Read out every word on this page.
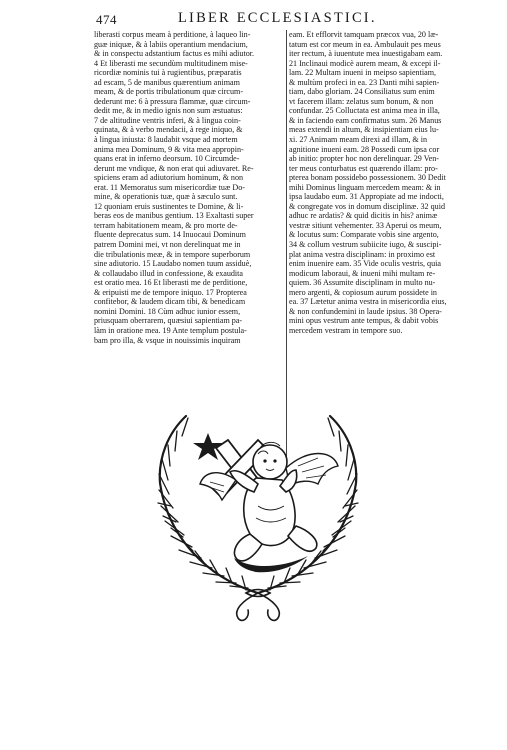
474	LIBER ECCLESIASTICI.
liberasti corpus meam à perditione, à laqueo lin-
guæ iniquæ, & à labiis operantium mendacium,
& in conspectu adstantium factus es mihi adiutor.
4 Et liberasti me secundùm multitudinem mise-
ricordiæ nominis tui à rugientibus, præparatis
ad escam, 5 de manibus quærentium animam
meam, & de portis tribulationum quæ circum-
dederunt me: 6 à pressura flammæ, quæ circum-
dedit me, & in medio ignis non sum æstuatus:
7 de altitudine ventris inferi, & à lingua coin-
quinata, & à verbo mendacii, à rege iniquo, &
à lingua iniusta: 8 laudabit vsque ad mortem
anima mea Dominum, 9 & vita mea appropin-
quans erat in inferno deorsum. 10 Circumde-
derunt me vndique, & non erat qui adiuvaret. Re-
spiciens eram ad adiutorium hominum, & non
erat. 11 Memoratus sum misericordiæ tuæ Do-
mine, & operationis tuæ, quæ à sæculo sunt.
12 quoniam eruis sustinentes te Domine, & li-
beras eos de manibus gentium. 13 Exaltasti super
terram habitationem meam, & pro morte de-
fluente deprecatus sum. 14 Inuocaui Dominum
patrem Domini mei, vt non derelinquat me in
die tribulationis meæ, & in tempore superborum
sine adiutorio. 15 Laudabo nomen tuum assiduè,
& collaudabo illud in confessione, & exaudita
est oratio mea. 16 Et liberasti me de perditione,
& eripuisti me de tempore iniquo. 17 Propterea
confitebor, & laudem dicam tibi, & benedicam
nomini Domini. 18 Cùm adhuc iunior essem,
priusquam oberrarem, quæsiui sapientiam pa-
làm in oratione mea. 19 Ante templum postula-
bam pro illa, & vsque in nouissimis inquiram
eam. Et efflorvit tamquam præcox vua, 20 læ-
tatum est cor meum in ea. Ambulauit pes meus
iter rectum, à iuuentute mea inuestigabam eam.
21 Inclinaui modicè aurem meam, & excepi il-
lam. 22 Multam inueni in meipso sapientiam,
& multùm profeci in ea. 23 Danti mihi sapien-
tiam, dabo gloriam. 24 Consiliatus sum enim
vt facerem illam: zelatus sum bonum, & non
confundar. 25 Colluctata est anima mea in illa,
& in faciendo eam confirmatus sum. 26 Manus
meas extendi in altum, & insipientiam eius lu-
xi. 27 Animam meam direxi ad illam, & in
agnitione inueni eam. 28 Possedi cum ipsa cor
ab initio: propter hoc non derelinquar. 29 Ven-
ter meus conturbatus est quærendo illam: pro-
pterea bonam possidebo possessionem. 30 Dedit
mihi Dominus linguam mercedem meam: & in
ipsa laudabo eum. 31 Appropiate ad me indocti,
& congregate vos in domum disciplinæ. 32 quid
adhuc re ardatis? & quid dicitis in his? animæ
vestræ sitiunt vehementer. 33 Aperui os meum,
& locutus sum: Comparate vobis sine argento,
34 & collum vestrum subiicite iugo, & suscipi-
plat anima vestra disciplinam: in proximo est
enim inuenire eam. 35 Vide oculis vestris, quia
modicum laboraui, & inueni mihi multam re-
quiem. 36 Assumite disciplinam in multo nu-
mero argenti, & copiosum aurum possidete in
ea. 37 Lætetur anima vestra in misericordia eius,
& non confundemini in laude ipsius. 38 Opera-
mini opus vestrum ante tempus, & dabit vobis
mercedem vestram in tempore suo.
